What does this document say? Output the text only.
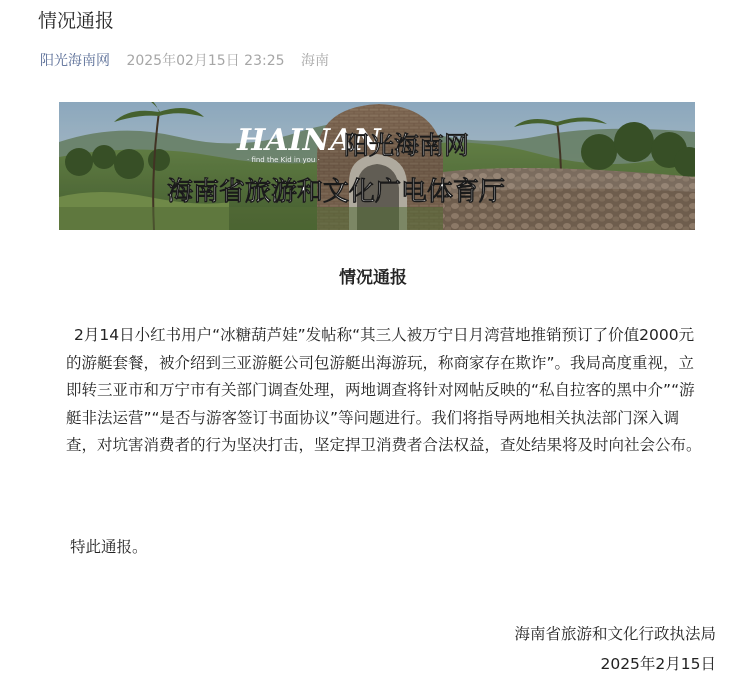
情况通报
阳光海南网 2025年02月15日 23:25 海南
HAINAN
· find the Kid in you · 阳光海南网
海南省旅游和文化广电体育厅
情况通报
2月14日小红书用户“冰糖葫芦娃”发帖称“其三人被万宁日月湾营地推销预订了价值2000元的游艇套餐，被介绍到三亚游艇公司包游艇出海游玩，称商家存在欺诈”。我局高度重视，立即转三亚市和万宁市有关部门调查处理，两地调查将针对网帖反映的“私自拉客的黑中介”“游艇非法运营”“是否与游客签订书面协议”等问题进行。我们将指导两地相关执法部门深入调查，对坑害消费者的行为坚决打击，坚定捍卫消费者合法权益，查处结果将及时向社会公布。
特此通报。
海南省旅游和文化行政执法局
2025年2月15日
